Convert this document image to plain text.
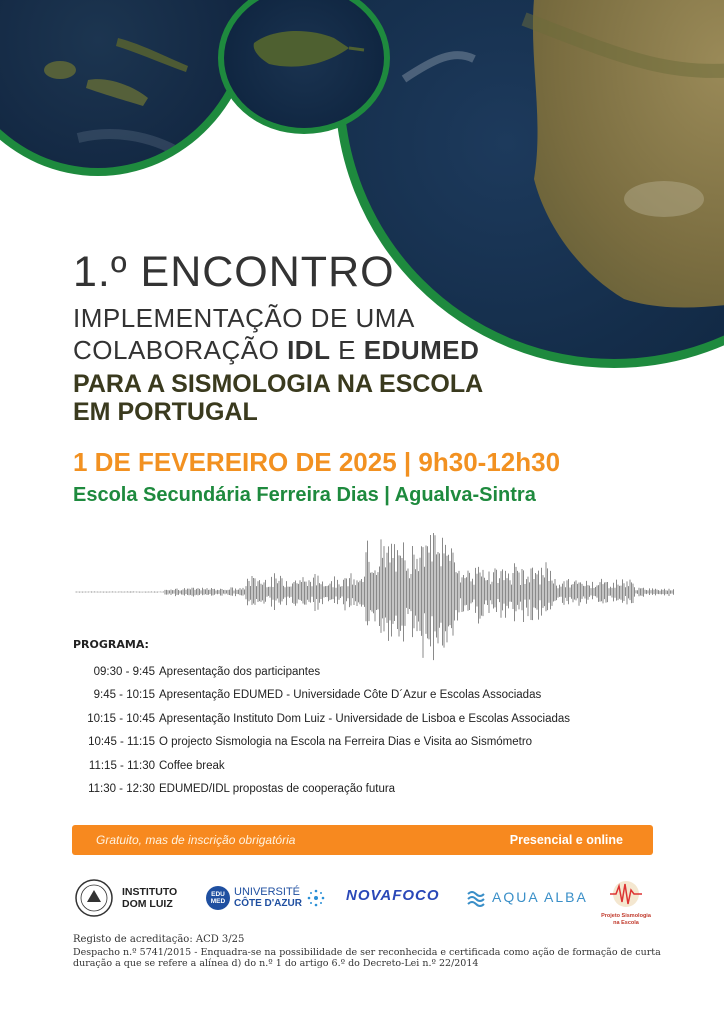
1.º ENCONTRO
IMPLEMENTAÇÃO DE UMA
COLABORAÇÃO IDL E EDUMED
PARA A SISMOLOGIA NA ESCOLA
EM PORTUGAL
1 DE FEVEREIRO DE 2025 | 9h30-12h30
Escola Secundária Ferreira Dias | Agualva-Sintra
PROGRAMA:
09:30 - 9:45 Apresentação dos participantes
9:45 - 10:15 Apresentação EDUMED - Universidade Côte D´Azur e Escolas Associadas
10:15 - 10:45 Apresentação Instituto Dom Luiz - Universidade de Lisboa e Escolas Associadas
10:45 - 11:15 O projecto Sismologia na Escola na Ferreira Dias e Visita ao Sismómetro
11:15 - 11:30 Coffee break
11:30 - 12:30 EDUMED/IDL propostas de cooperação futura
Gratuito, mas de inscrição obrigatória	Presencial e online
INSTITUTO
DOM LUIZ
EDU
MED
UNIVERSITÉ
CÔTE D'AZUR	NOVAFOCO	AQUA ALBA
Projeto Sismologia
na Escola
Registo de acreditação: ACD 3/25
Despacho n.º 5741/2015 - Enquadra-se na possibilidade de ser reconhecida e certificada como ação de formação de curta duração a que se refere a alínea d) do n.º 1 do artigo 6.º do Decreto-Lei n.º 22/2014
